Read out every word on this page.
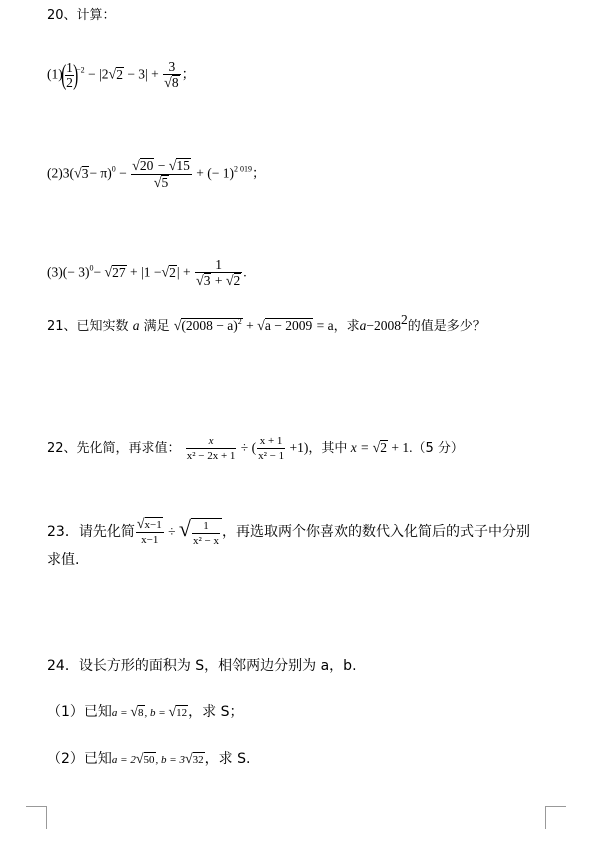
20、计算：
$(1)( \frac{1}{2} )^{-2} - |2√2 - 3| + \frac{3}{√8}$ ；
$(2)3(√3- \pi)^0 - \frac{√20 - √15}{√5}$ + (− 1)$^{2 019}$；
$(3)(- 3)^0- √27 + |1 -√2| + \frac{1}{√3 + √2}$ .
21、已知实数 a 满足 $√(2008 - a)^2 + √a - 2009 = a$，求$a-2008^2$的值是多少？
22、先化简，再求值： $\frac{x}{\text{x² − 2x + 1}}$ ÷ ( $\frac{x + 1}{\text{x² − 1}} +1$)，其中 x = √2 + 1.（5 分）
23．请先化简 $\frac{√x-1}{x-1}$ ÷ √ $\frac{1}{\text{x² − x}}$ ，再选取两个你喜欢的数代入化简后的式子中分别
求值.
24．设长方形的面积为 S，相邻两边分别为 a，b.
（1）已知a = √8, b = √12，求 S；
（2）已知a = 2√50, b = 3√32，求 S.
